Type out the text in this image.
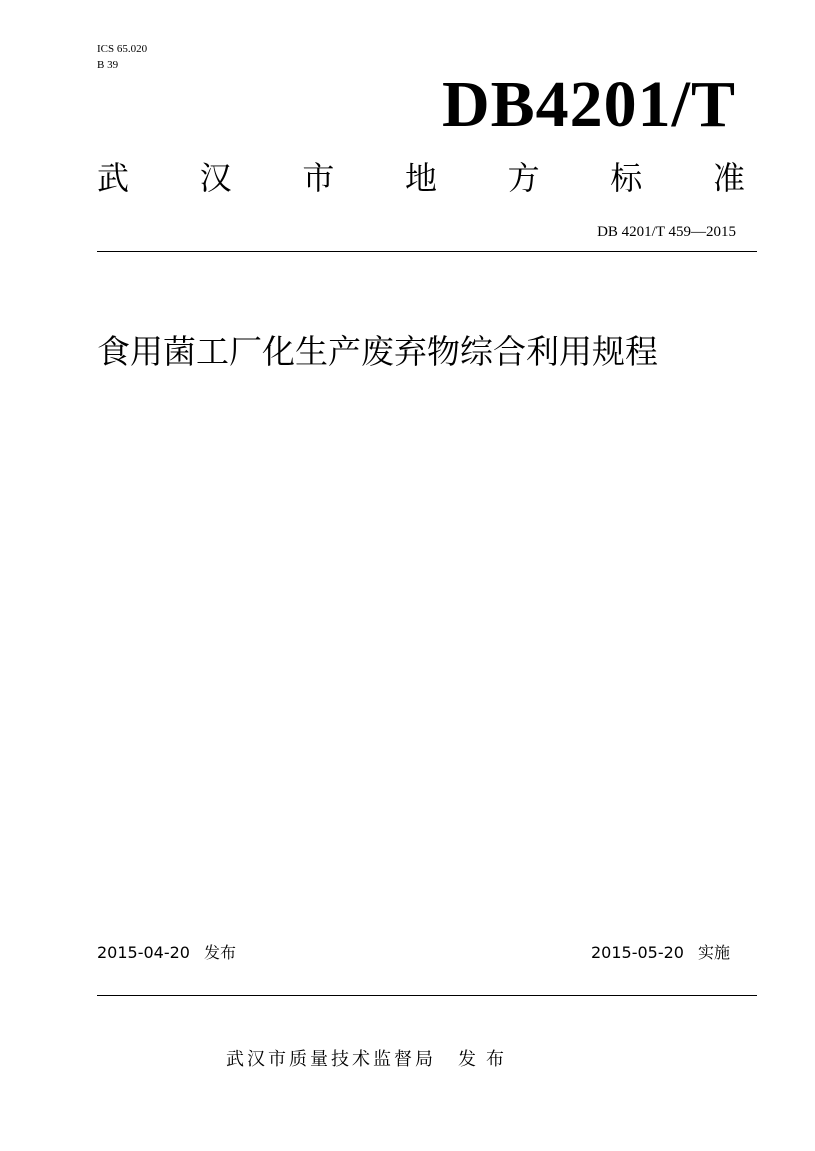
ICS 65.020
B 39
DB4201/T
武 汉 市 地 方 标 准
DB 4201/T 459—2015
食用菌工厂化生产废弃物综合利用规程
2015-04-20 发布	2015-05-20 实施
武汉市质量技术监督局 发布
